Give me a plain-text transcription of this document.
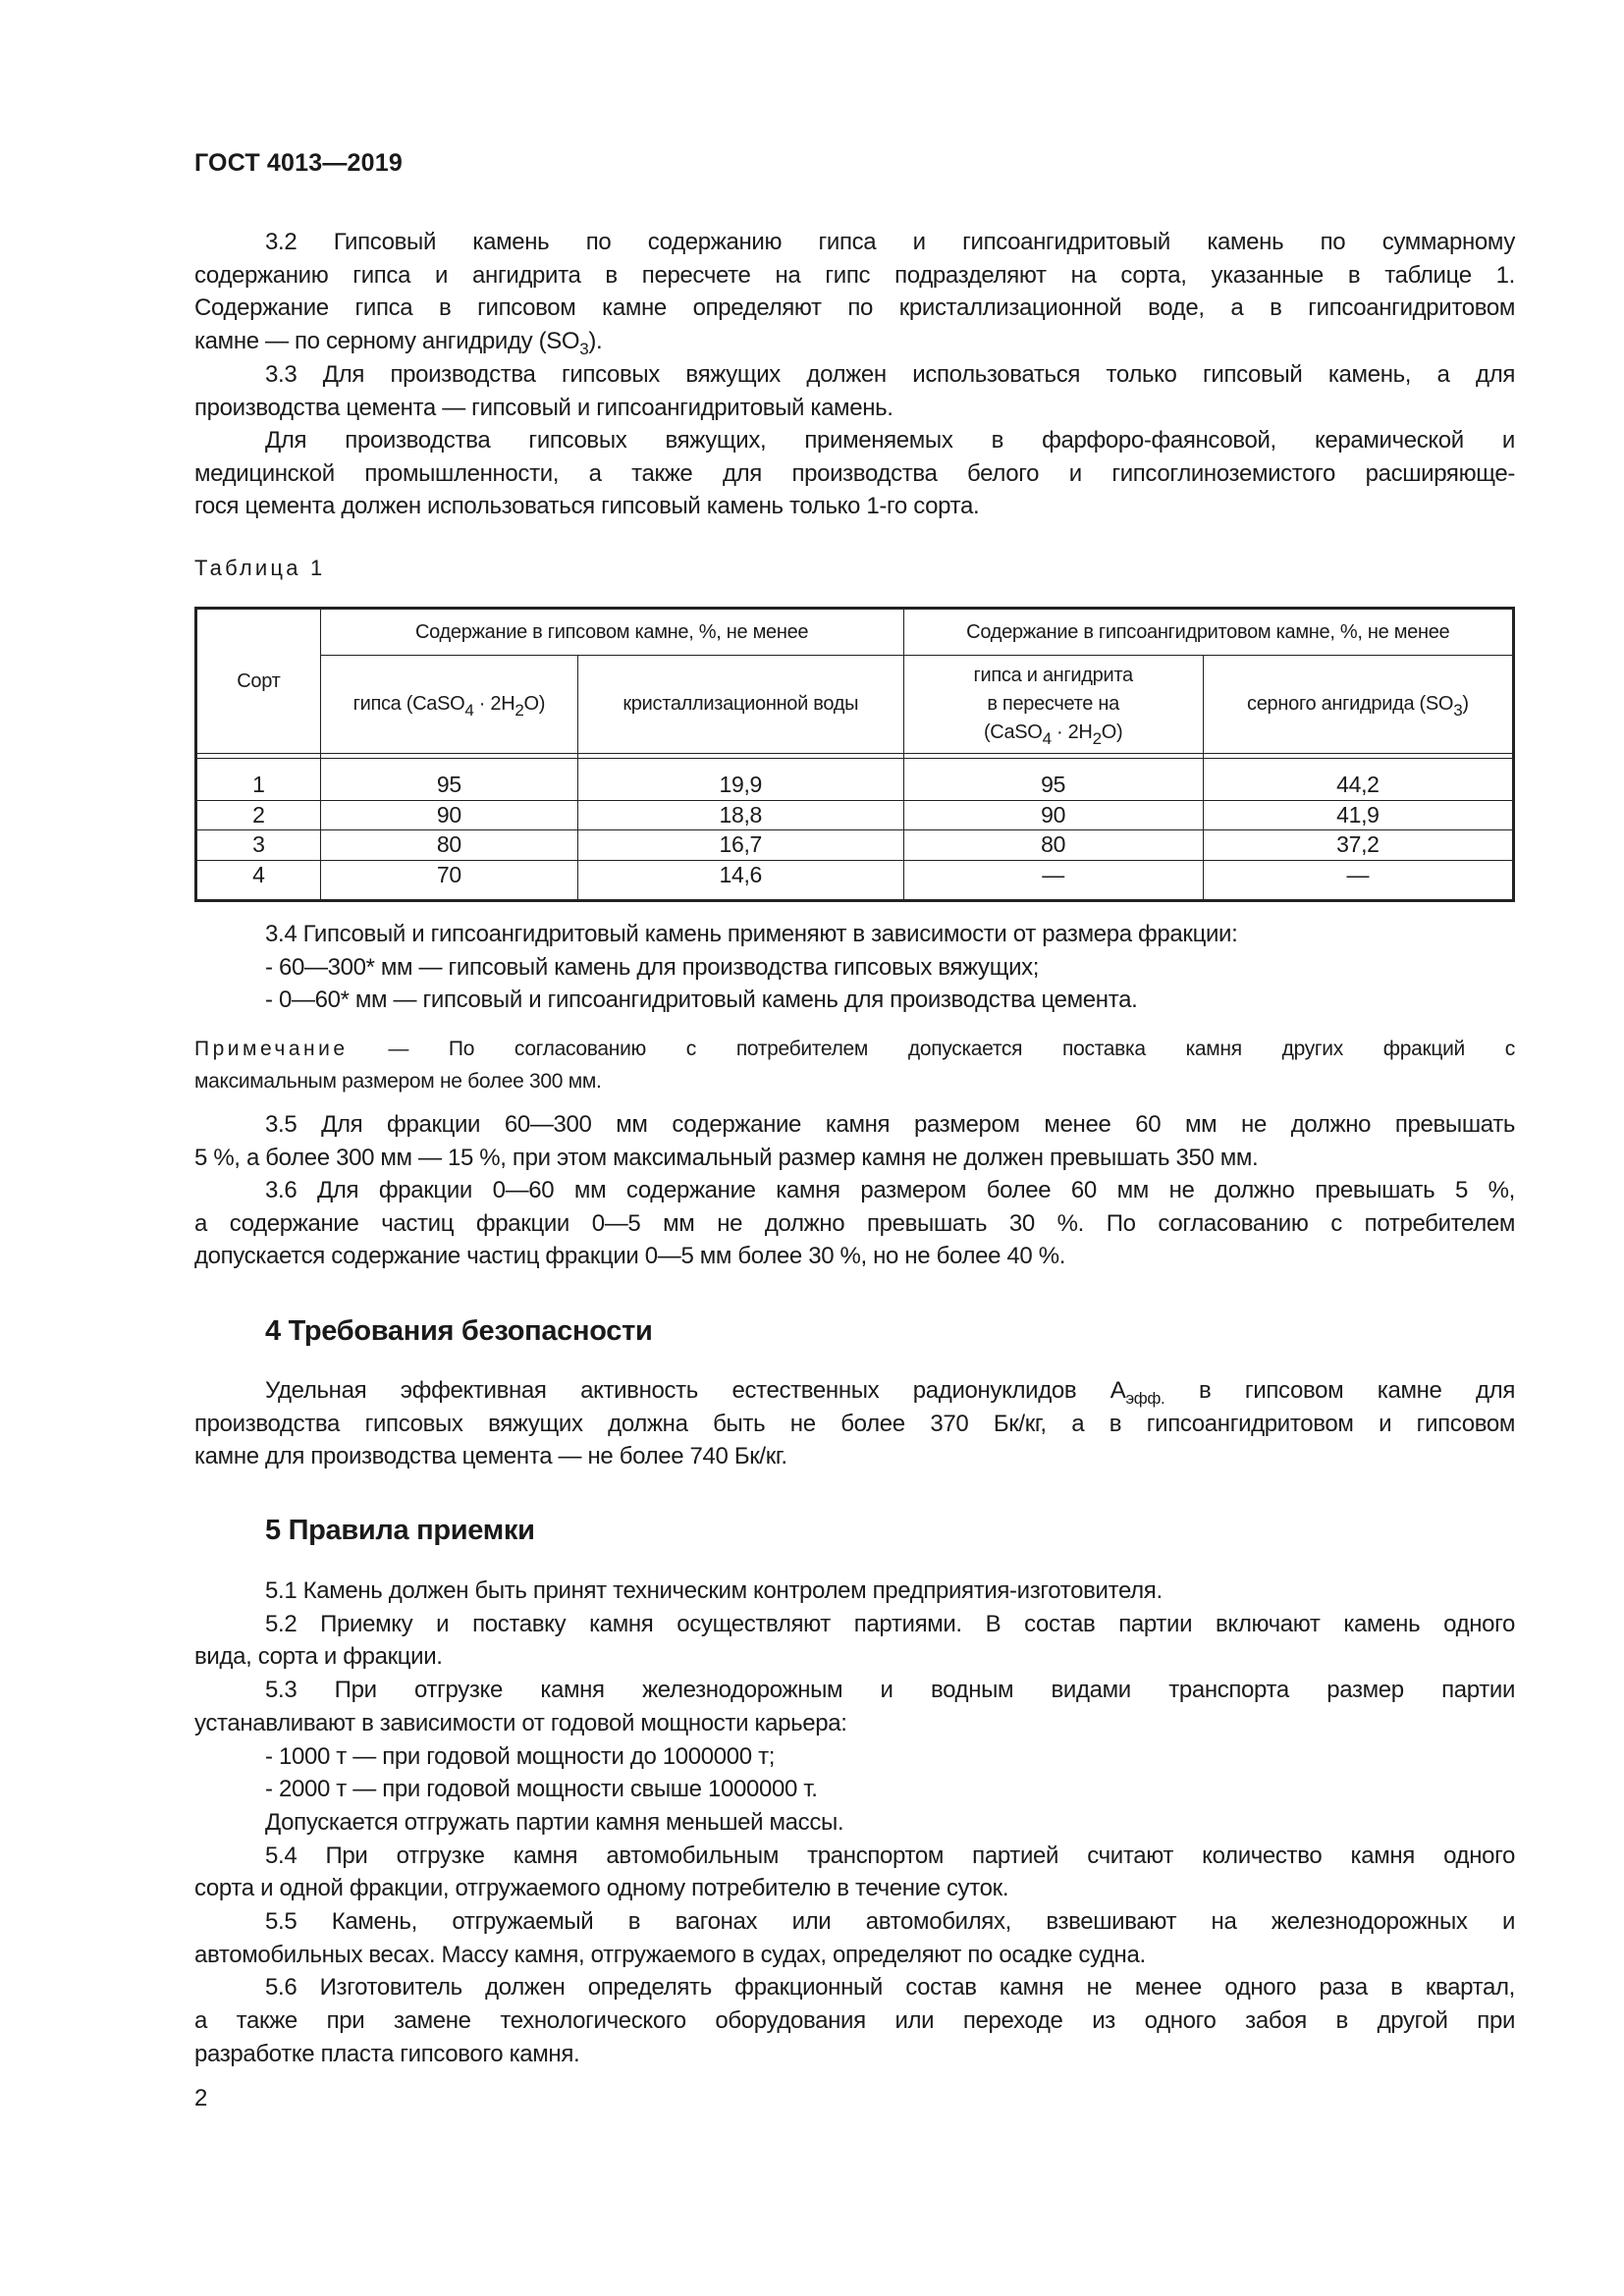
ГОСТ 4013—2019
3.2 Гипсовый камень по содержанию гипса и гипсоангидритовый камень по суммарному
содержанию гипса и ангидрита в пересчете на гипс подразделяют на сорта, указанные в таблице 1.
Содержание гипса в гипсовом камне определяют по кристаллизационной воде, а в гипсоангидритовом
камне — по серному ангидриду $(SO_3)$.
3.3 Для производства гипсовых вяжущих должен использоваться только гипсовый камень, а для
производства цемента — гипсовый и гипсоангидритовый камень.
Для производства гипсовых вяжущих, применяемых в фарфоро-фаянсовой, керамической и
медицинской промышленности, а также для производства белого и гипсоглиноземистого расширяюще-
гося цемента должен использоваться гипсовый камень только 1-го сорта.
Таблица 1
Сорт	Содержание в гипсовом камне, %, не менее		Содержание в гипсоангидритовом камне, %, не менее	
	гипса (CaSO$_4$ · $2H_2O$)	кристаллизационной воды	гипса и ангидрита
в пересчете на
(CaSO$_4$ · $2H_2O$)	серного ангидрида $(SO_3)$

1	95	19,9	95	44,2
2	90	18,8	90	41,9
3	80	16,7	80	37,2
4	70	14,6	—	—
3.4 Гипсовый и гипсоангидритовый камень применяют в зависимости от размера фракции:
- 60—300* мм — гипсовый камень для производства гипсовых вяжущих;
- 0—60* мм — гипсовый и гипсоангидритовый камень для производства цемента.
Примечание — По согласованию с потребителем допускается поставка камня других фракций с
максимальным размером не более 300 мм.
3.5 Для фракции 60—300 мм содержание камня размером менее 60 мм не должно превышать
5 %, а более 300 мм — 15 %, при этом максимальный размер камня не должен превышать 350 мм.
3.6 Для фракции 0—60 мм содержание камня размером более 60 мм не должно превышать 5 %,
а содержание частиц фракции 0—5 мм не должно превышать 30 %. По согласованию с потребителем
допускается содержание частиц фракции 0—5 мм более 30 %, но не более 40 %.
4 Требования безопасности
Удельная эффективная активность естественных радионуклидов $A_{эфф.}$ в гипсовом камне для
производства гипсовых вяжущих должна быть не более 370 Бк/кг, а в гипсоангидритовом и гипсовом
камне для производства цемента — не более 740 Бк/кг.
5 Правила приемки
5.1 Камень должен быть принят техническим контролем предприятия-изготовителя.
5.2 Приемку и поставку камня осуществляют партиями. В состав партии включают камень одного
вида, сорта и фракции.
5.3 При отгрузке камня железнодорожным и водным видами транспорта размер партии
устанавливают в зависимости от годовой мощности карьера:
- 1000 т — при годовой мощности до 1000000 т;
- 2000 т — при годовой мощности свыше 1000000 т.
Допускается отгружать партии камня меньшей массы.
5.4 При отгрузке камня автомобильным транспортом партией считают количество камня одного
сорта и одной фракции, отгружаемого одному потребителю в течение суток.
5.5 Камень, отгружаемый в вагонах или автомобилях, взвешивают на железнодорожных и
автомобильных весах. Массу камня, отгружаемого в судах, определяют по осадке судна.
5.6 Изготовитель должен определять фракционный состав камня не менее одного раза в квартал,
а также при замене технологического оборудования или переходе из одного забоя в другой при
разработке пласта гипсового камня.
2
